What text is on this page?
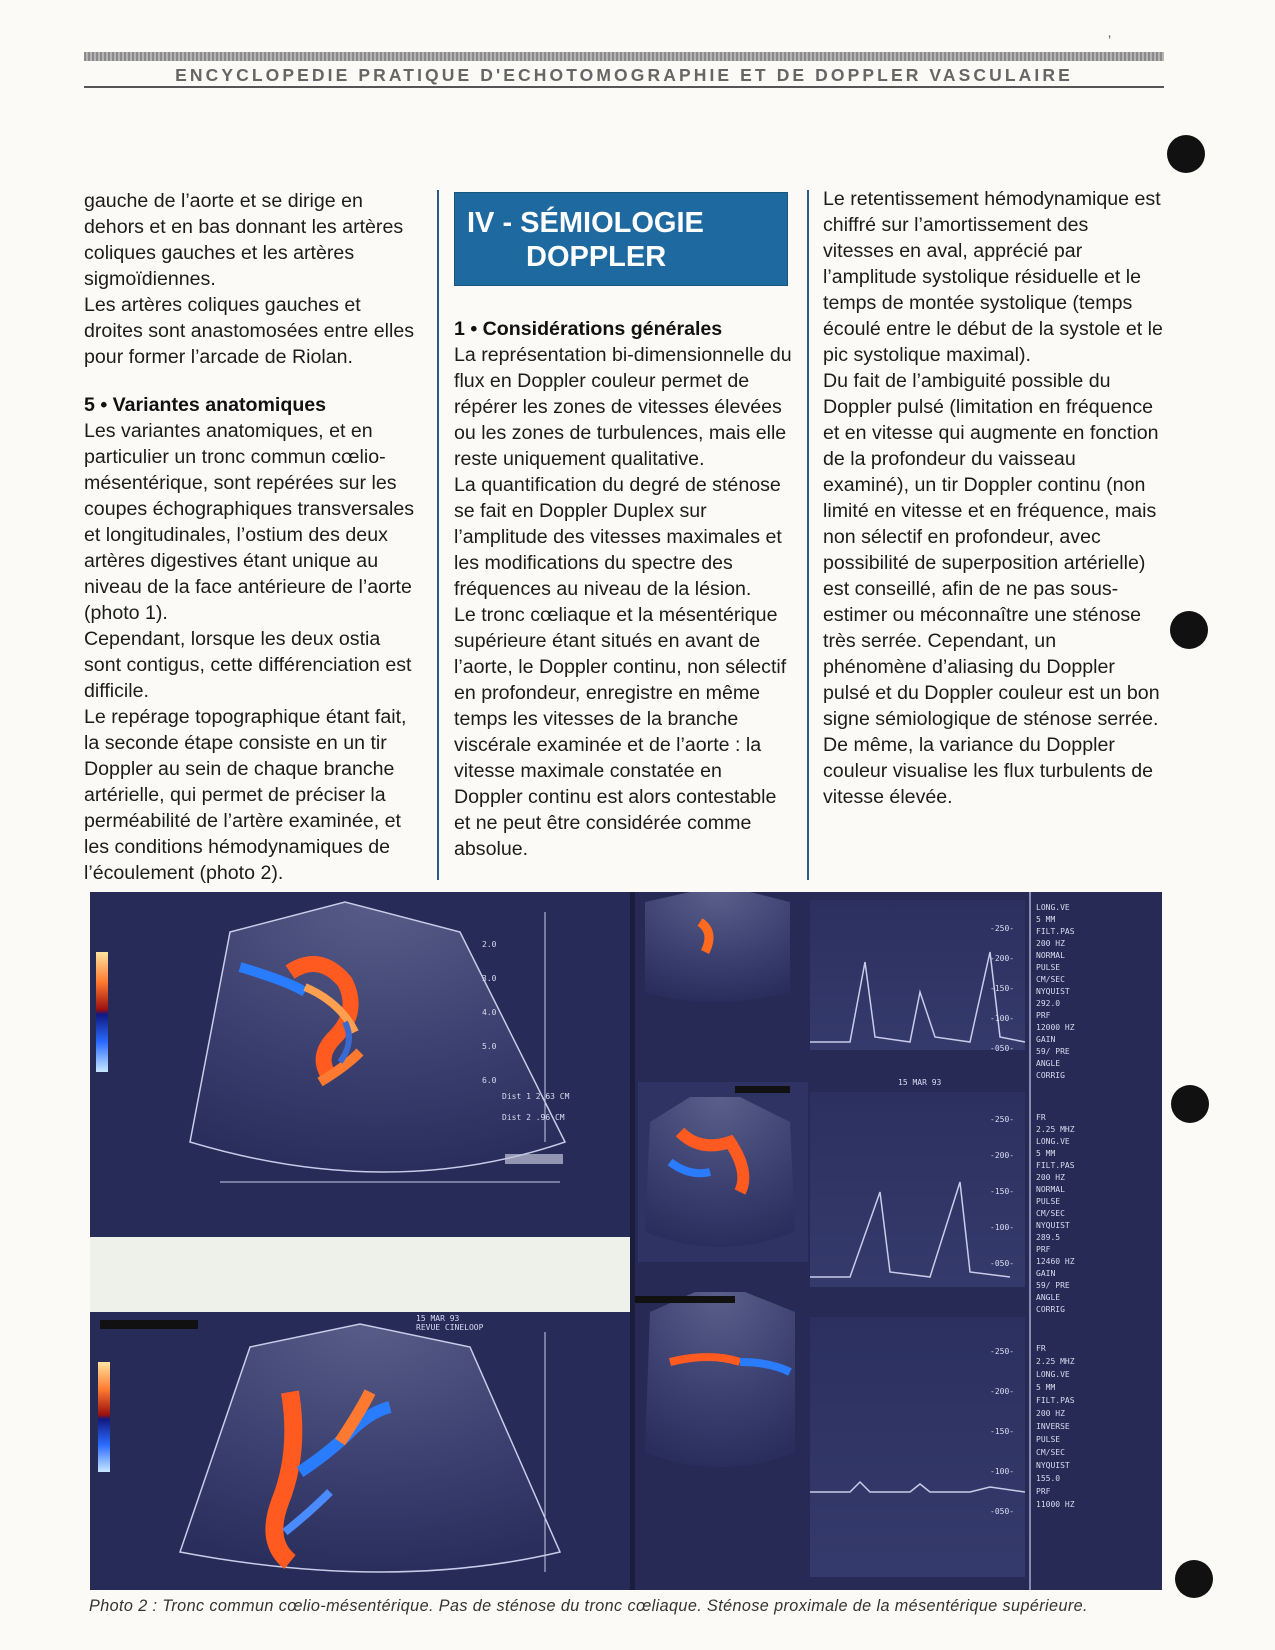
’
ENCYCLOPEDIE PRATIQUE D'ECHOTOMOGRAPHIE ET DE DOPPLER VASCULAIRE

gauche de l’aorte et se dirige en dehors et en bas donnant les artères coliques gauches et les artères sigmoïdiennes.

Les artères coliques gauches et droites sont anastomosées entre elles pour former l’arcade de Riolan.

5 • Variantes anatomiques

Les variantes anatomiques, et en particulier un tronc commun cœlio-mésentérique, sont repérées sur les coupes échographiques transversales et longitudinales, l’ostium des deux artères digestives étant unique au niveau de la face antérieure de l’aorte (photo 1).

Cependant, lorsque les deux ostia sont contigus, cette différenciation est difficile.

Le repérage topographique étant fait, la seconde étape consiste en un tir Doppler au sein de chaque branche artérielle, qui permet de préciser la perméabilité de l’artère examinée, et les conditions hémodynamiques de l’écoulement (photo 2).

IV - SÉMIOLOGIE
DOPPLER
1 • Considérations générales

La représentation bi-dimensionnelle du flux en Doppler couleur permet de répérer les zones de vitesses élevées ou les zones de turbulences, mais elle reste uniquement qualitative.

La quantification du degré de sténose se fait en Doppler Duplex sur l’amplitude des vitesses maximales et les modifications du spectre des fréquences au niveau de la lésion.

Le tronc cœliaque et la mésentérique supérieure étant situés en avant de l’aorte, le Doppler continu, non sélectif en profondeur, enregistre en même temps les vitesses de la branche viscérale examinée et de l’aorte : la vitesse maximale constatée en Doppler continu est alors contestable et ne peut être considérée comme absolue.

Le retentissement hémodynamique est chiffré sur l’amortissement des vitesses en aval, apprécié par l’amplitude systolique résiduelle et le temps de montée systolique (temps écoulé entre le début de la systole et le pic systolique maximal).

Du fait de l’ambiguité possible du Doppler pulsé (limitation en fréquence et en vitesse qui augmente en fonction de la profondeur du vaisseau examiné), un tir Doppler continu (non limité en vitesse et en fréquence, mais non sélectif en profondeur, avec possibilité de superposition artérielle) est conseillé, afin de ne pas sous-estimer ou méconnaître une sténose très serrée. Cependant, un phénomène d’aliasing du Doppler pulsé et du Doppler couleur est un bon signe sémiologique de sténose serrée.

De même, la variance du Doppler couleur visualise les flux turbulents de vitesse élevée.

2.0
3.0
4.0
5.0
6.0
Dist 1 2.63 CM
Dist 2 .96 CM
15 MAR 93
REVUE CINELOOP
15 MAR 93
-250-
-200-
-150-
-100-
-050-
-250-
-200-
-150-
-100-
-050-
-250-
-200-
-150-
-100-
-050-
LONG.VE
5 MM
FILT.PAS
200 HZ
NORMAL
PULSE
CM/SEC
NYQUIST
292.0
PRF
12000 HZ
GAIN
59/ PRE
ANGLE
CORRIG
FR
2.25 MHZ
LONG.VE
5 MM
FILT.PAS
200 HZ
NORMAL
PULSE
CM/SEC
NYQUIST
289.5
PRF
12460 HZ
GAIN
59/ PRE
ANGLE
CORRIG
FR
2.25 MHZ
LONG.VE
5 MM
FILT.PAS
200 HZ
INVERSE
PULSE
CM/SEC
NYQUIST
155.0
PRF
11000 HZ
Photo 2 : Tronc commun cœlio-mésentérique. Pas de sténose du tronc cœliaque. Sténose proximale de la mésentérique supérieure.
